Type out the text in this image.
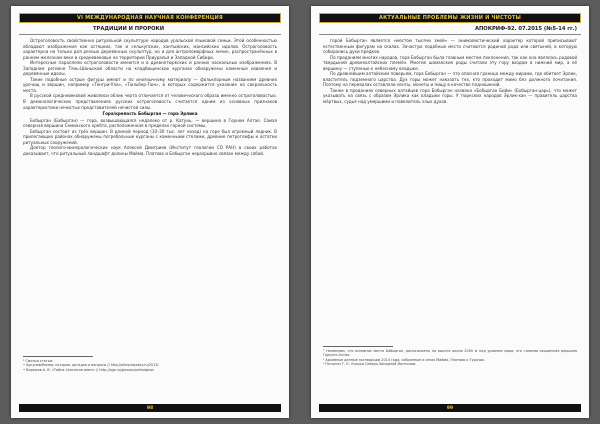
VI МЕЖДУНАРОДНАЯ НАУЧНАЯ КОНФЕРЕНЦИЯ
ТРАДИЦИИ И ПРОРОКИ

Остроголовость свойственна ритуальной скульптуре народов уральской языковой семьи. Этой особенностью обладают изображения как остяцких, так и селькупских, хантыйских, мансийских идолов. Остроголовость характерна не только для резных деревянных скульптур, но и для антропоморфных личин, распространённых в раннем железном веке и средневековье на территории Приуралья и Западной Сибири.

Интересные параллели остроголовости имеются и в древнетюркских и ранних наскальных изображениях. В Западном регионе Тянь-Шаньской области на кладбищенских курганах обнаружены каменные изваяния и деревянные идолы.

Такие подобные острые фигуры имеют и по иноязычному материалу — фольклорным названиям древних урочищ и вершин, например «Тенгри-Ула», «Тюльбер-Тюн», в которых содержится указание на сакральность места.

В русской средневековой живописи облик черта отличается от человеческого образа именно остроголовостью. В демонологических представлениях русских остроголовость считается одним из основных признаков характеристики нечистых представителей нечистой силы.

Гора/крепость Бобырган — гора Эрлика

Бобырган (Бабырган) — гора, возвышающаяся недалеко от р. Катунь, — вершина в Горном Алтае. Самая северная вершина Семинского хребта, расположенная в пределах горной системы.

Бобырган состоит из трёх вершин. В длиной период (10–30 тыс. лет назад) на горе был огромный ледник. В прилегающих районах обнаружены погребальные курганы с каменными стелами, древние петроглифы и остатки ритуальных сооружений.

Доктор геолого-минералогических наук Алексей Дмитриев (Институт геологии СО РАН) в своих работах доказывает, что ритуальный ландшафт долины Майма, Платово и Бобырган неразрывно связан между собой.

¹ Смотри статьи:

• Аукунов/Кемер: история, догадки и вопросы // http://altayodyssey.ru/2013/

• Бирюков А. В. «Тайна Сеннитов имен» // http://sgs.ru/glosses/onlinegloss

98
АКТУАЛЬНЫЕ ПРОБЛЕМЫ ЖИЗНИ И ЧИСТОТЫ
АПОКРИФ-92. 07.2015 (№5-14 гг.)

горой Бобырган является «местом тысячи змей» — анималистический характер которой приписывают естественным фигурам на скалах. Зачастую подобные места считаются родиной рода или святыней, в которую собирались духи предков.

По преданиям многих народов, гора Бобырган была главным местом поклонения, так как она являлась родовой твердыней древнеалтайских племён. Многие шаманские роды считали эту гору входом в нижний мир, а её вершину — ступенью к небесному владыке.

По древнейшим алтайским поверьям, гора Бобырган — это опасная граница между мирами, где обитает Эрлик, властитель подземного царства. Дух горы может наказать тех, кто проходит мимо без должного почитания. Поэтому на перевалах оставляли ленты, монеты и пищу в качестве подношений.

Также в преданиях северных алтайцев гора Бобырган названа «Бобырган Бийи» (Бобырган-царь), что может указывать на связь с образом Эрлика как владыки горы. У тюркских народов Эрлик-хан — правитель царства мёртвых, судья над умершими и повелитель злых духов.

¹ Напомним, что основное место Бабырган, расположено на высоте около 2000 м над уровнем моря; это главная священная вершина Горного Алтая.

² Архивные данные экспедиции 2013 года, собранные в селах Майма, Платово и Турочак.

³ Потанин Г. Н. Очерки Северо-Западной Монголии.

99
